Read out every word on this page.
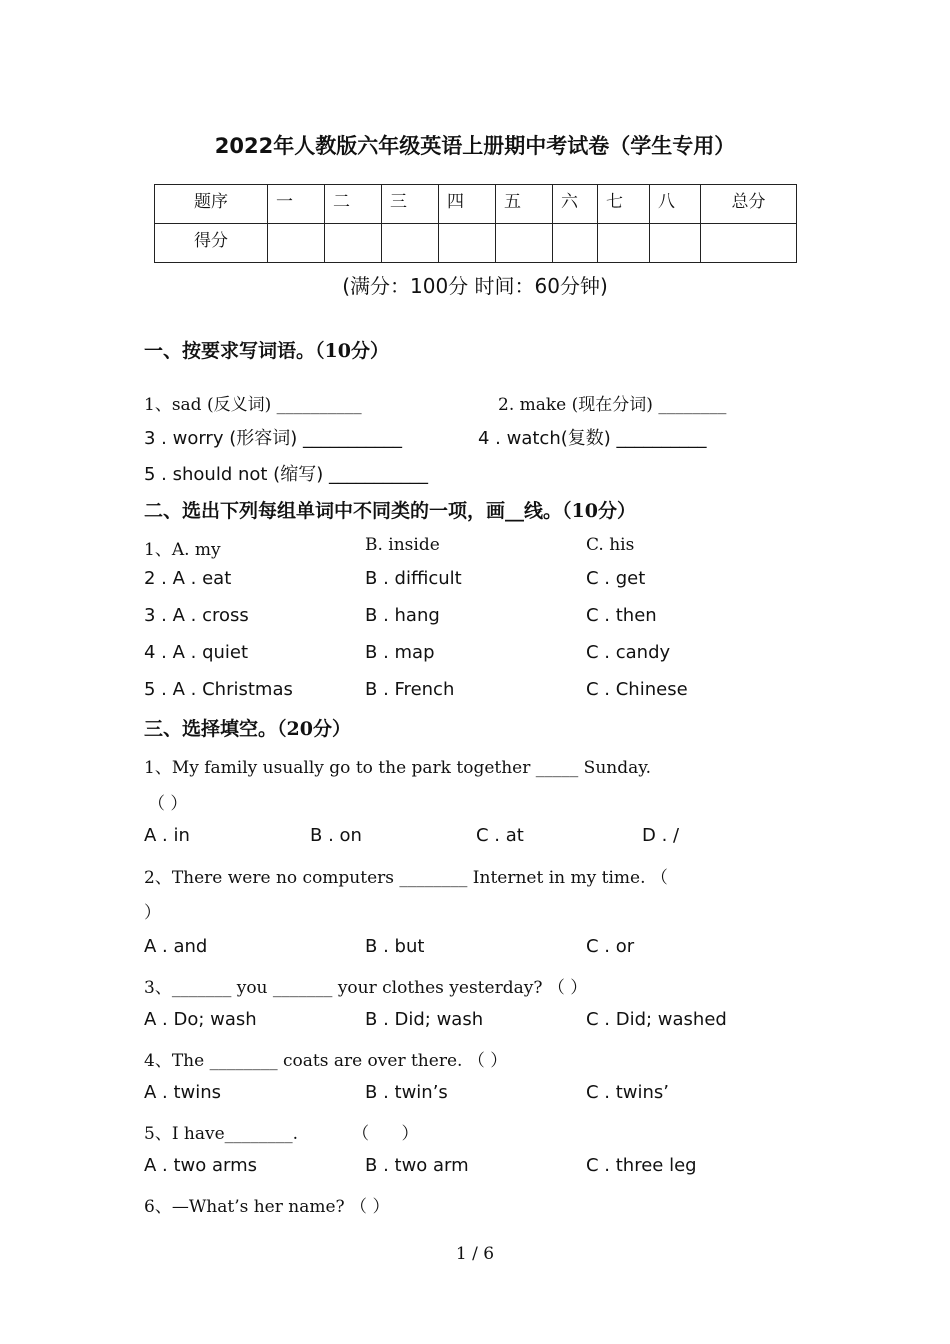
2022年人教版六年级英语上册期中考试卷（学生专用）
题序	一	二	三	四	五	六	七	八	总分
得分									
(满分：100分 时间：60分钟)
一、按要求写词语。（10分）
1、sad (反义词) __________	2. make (现在分词) ________
3 . worry (形容词) ___________	4 . watch(复数) __________
5 . should not (缩写) ___________
二、选出下列每组单词中不同类的一项，画__线。（10分）
1、A. my	B. inside	C. his
2 . A . eat	B . difficult	C . get
3 . A . cross	B . hang	C . then
4 . A . quiet	B . map	C . candy
5 . A . Christmas	B . French	C . Chinese
三、选择填空。（20分）
1、My family usually go to the park together _____ Sunday.
（ ）
A . in	B . on	C . at	D . /
2、There were no computers ________ Internet in my time. （
）
A . and	B . but	C . or
3、_______ you _______ your clothes yesterday? （ ）
A . Do; wash	B . Did; wash	C . Did; washed
4、The ________ coats are over there. （ ）
A . twins	B . twin’s	C . twins’
5、I have________.          （      ）
A . two arms	B . two arm	C . three leg
6、—What’s her name? （ ）
1 / 6
